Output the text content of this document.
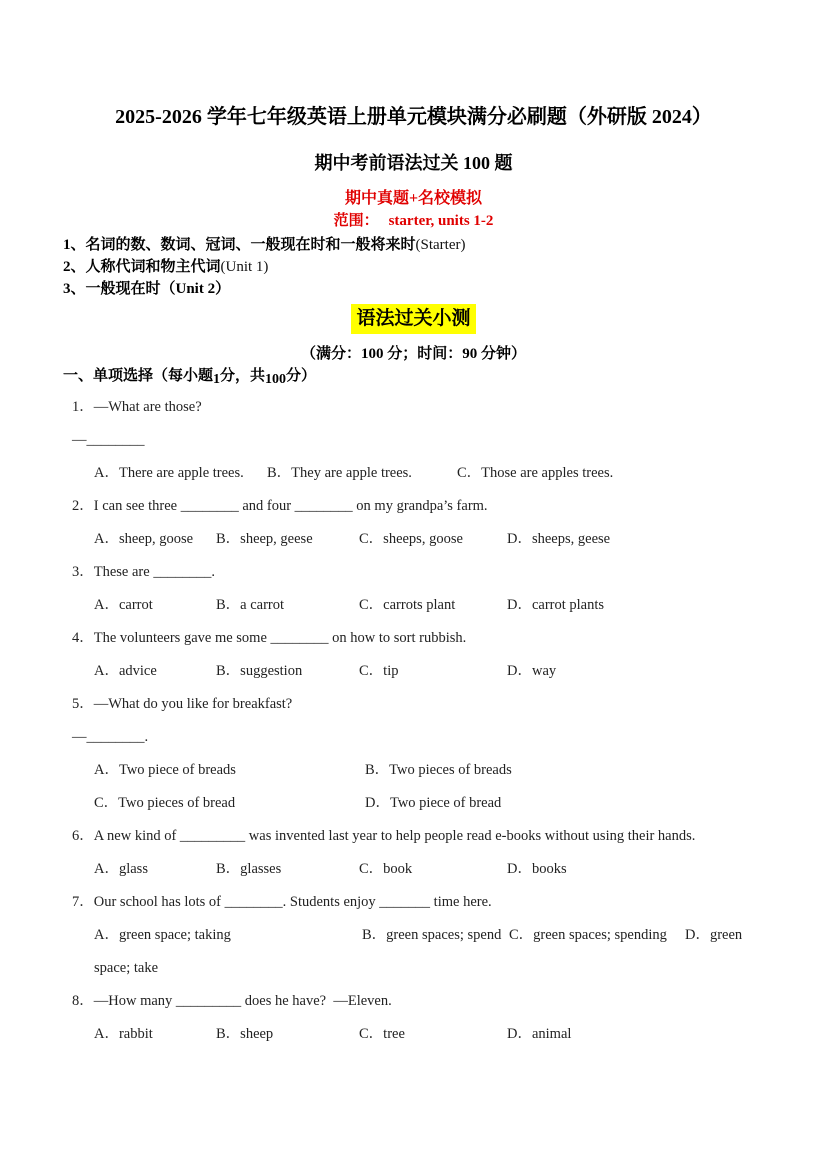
2025-2026 学年七年级英语上册单元模块满分必刷题（外研版 2024）
期中考前语法过关 100 题
期中真题+名校模拟
范围： starter, units 1-2
1、名词的数、数词、冠词、一般现在时和一般将来时(Starter)
2、人称代词和物主代词(Unit 1)
3、一般现在时（Unit 2）
语法过关小测
（满分：100 分；时间：90 分钟）
一、单项选择（每小题1分，共100分）
1．—What are those?
—________
A．There are apple trees. B．They are apple trees.	C．Those are apples trees.
2．I can see three ________ and four ________ on my grandpa’s farm.
A．sheep, goose B．sheep, geese	C．sheeps, goose	D．sheeps, geese
3．These are ________.
A．carrot	B．a carrot	C．carrots plant	D．carrot plants
4．The volunteers gave me some ________ on how to sort rubbish.
A．advice	B．suggestion	C．tip	D．way
5．—What do you like for breakfast?
—________.
A．Two piece of breads	B．Two pieces of breads
C．Two pieces of bread	D．Two piece of bread
6．A new kind of _________ was invented last year to help people read e-books without using their hands.
A．glass	B．glasses	C．book	D．books
7．Our school has lots of ________. Students enjoy _______ time here.
A．green space; taking	B．green spaces; spend C．green spaces; spending D．green
space; take
8．—How many _________ does he have?  —Eleven.
A．rabbit	B．sheep	C．tree	D．animal
